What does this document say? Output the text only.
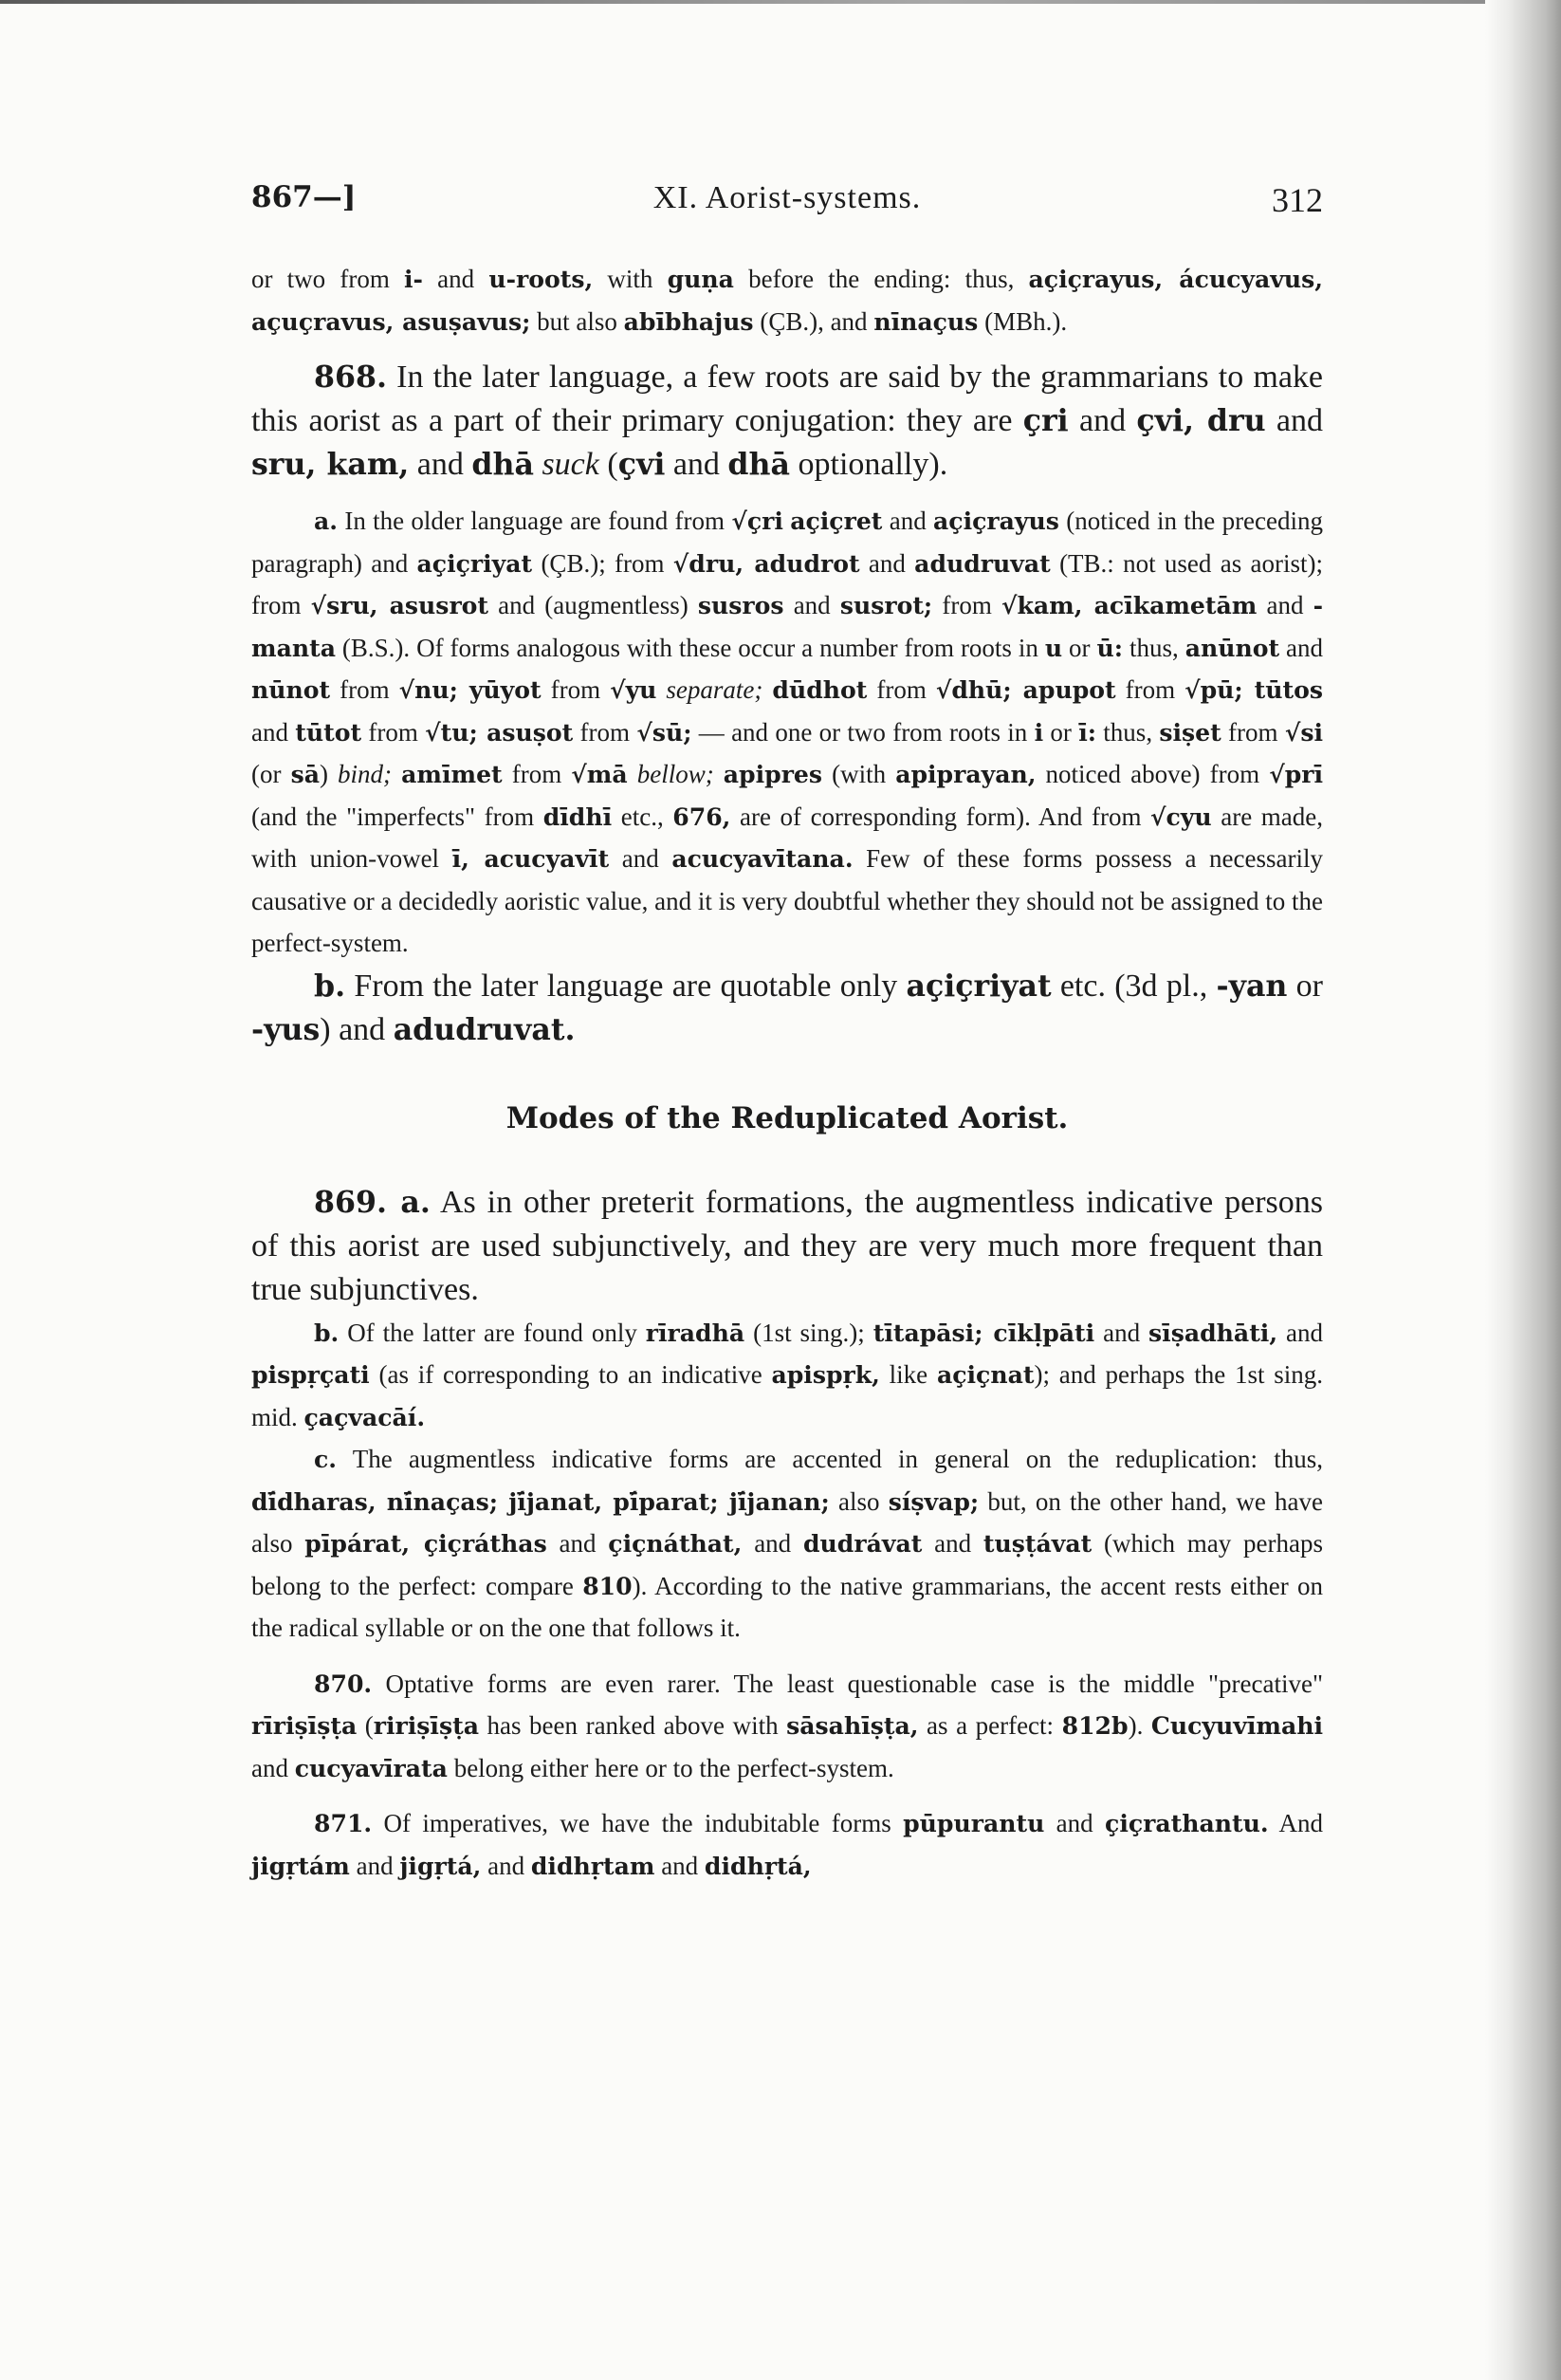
867—]	XI. Aorist-systems.	312

or two from i- and u-roots, with guṇa before the ending: thus, açiçrayus, ácucyavus, açuçravus, asuṣavus; but also abībhajus (ÇB.), and nīnaçus (MBh.).

868. In the later language, a few roots are said by the grammarians to make this aorist as a part of their primary conjugation: they are çri and çvi, dru and sru, kam, and dhā suck (çvi and dhā optionally).

a. In the older language are found from √çri açiçret and açiçrayus (noticed in the preceding paragraph) and açiçriyat (ÇB.); from √dru, adudrot and adudruvat (TB.: not used as aorist); from √sru, asusrot and (augmentless) susros and susrot; from √kam, acīkametām and -manta (B.S.). Of forms analogous with these occur a number from roots in u or ū: thus, anūnot and nūnot from √nu; yūyot from √yu separate; dūdhot from √dhū; apupot from √pū; tūtos and tūtot from √tu; asuṣot from √sū; — and one or two from roots in i or ī: thus, siṣet from √si (or sā) bind; amīmet from √mā bellow; apipres (with apiprayan, noticed above) from √prī (and the "imperfects" from dīdhī etc., 676, are of corresponding form). And from √cyu are made, with union-vowel ī, acucyavīt and acucyavītana. Few of these forms possess a necessarily causative or a decidedly aoristic value, and it is very doubtful whether they should not be assigned to the perfect-system.

b. From the later language are quotable only açiçriyat etc. (3d pl., -yan or -yus) and adudruvat.

Modes of the Reduplicated Aorist.

869. a. As in other preterit formations, the augmentless indicative persons of this aorist are used subjunctively, and they are very much more frequent than true subjunctives.

b. Of the latter are found only rīradhā (1st sing.); tītapāsi; cīkḷpāti and sīṣadhāti, and pispṛçati (as if corresponding to an indicative apispṛk, like açiçnat); and perhaps the 1st sing. mid. çaçvacāí.

c. The augmentless indicative forms are accented in general on the reduplication: thus, dī́dharas, nī́naças; jī́janat, pī́parat; jī́janan; also síṣvap; but, on the other hand, we have also pīpárat, çiçráthas and çiçnáthat, and dudrávat and tuṣṭávat (which may perhaps belong to the perfect: compare 810). According to the native grammarians, the accent rests either on the radical syllable or on the one that follows it.

870. Optative forms are even rarer. The least questionable case is the middle "precative" rīriṣīṣṭa (ririṣīṣṭa has been ranked above with sāsahīṣṭa, as a perfect: 812b). Cucyuvīmahi and cucyavīrata belong either here or to the perfect-system.

871. Of imperatives, we have the indubitable forms pūpurantu and çiçrathantu. And jigṛtám and jigṛtá, and didhṛtam and didhṛtá,
